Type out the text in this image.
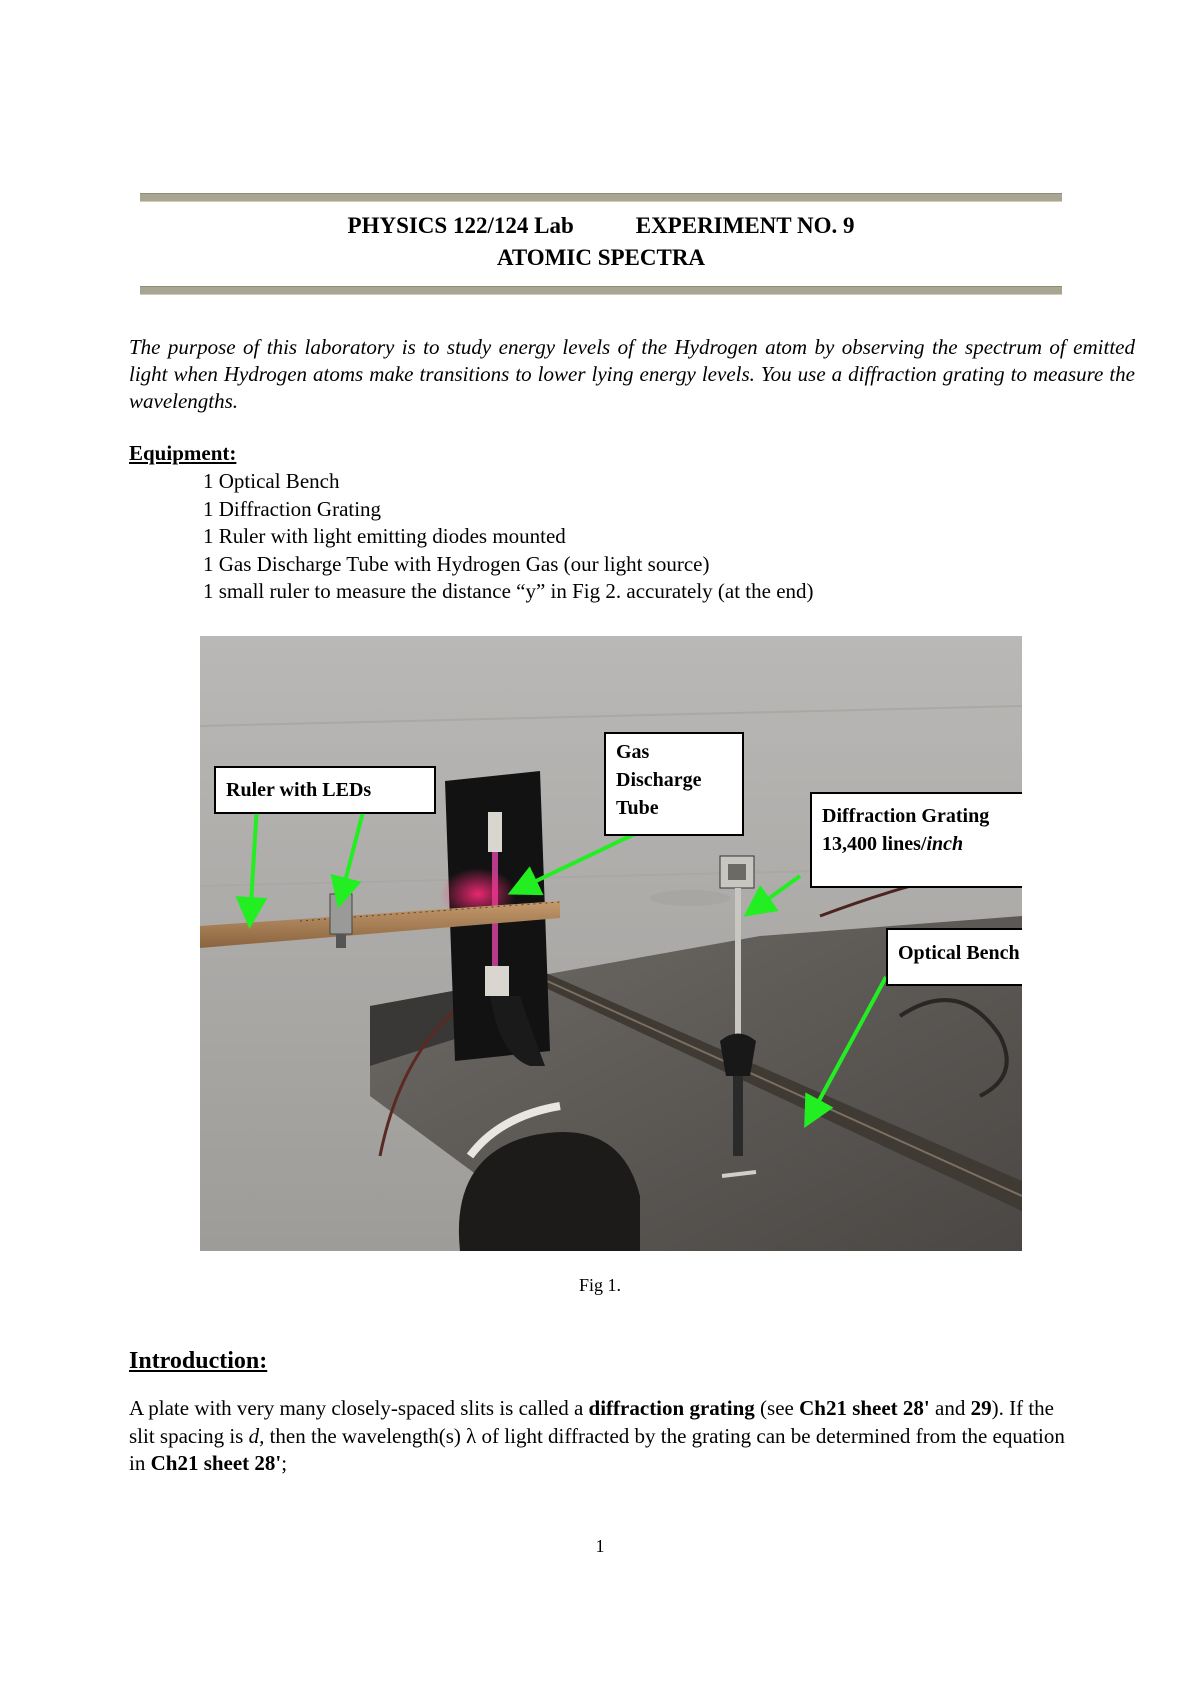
PHYSICS 122/124 Lab	EXPERIMENT NO. 9
ATOMIC SPECTRA
The purpose of this laboratory is to study energy levels of the Hydrogen atom by observing the spectrum of emitted light when Hydrogen atoms make transitions to lower lying energy levels. You use a diffraction grating to measure the wavelengths.
Equipment:
1 Optical Bench
1 Diffraction Grating
1 Ruler with light emitting diodes mounted
1 Gas Discharge Tube with Hydrogen Gas (our light source)
1 small ruler to measure the distance “y” in Fig 2. accurately (at the end)
Ruler with LEDs
Gas
Discharge
Tube	Diffraction Grating
13,400 lines/inch
Optical Bench
Fig 1.
Introduction:
A plate with very many closely-spaced slits is called a diffraction grating (see Ch21 sheet 28' and 29). If the slit spacing is d, then the wavelength(s) λ of light diffracted by the grating can be determined from the equation in Ch21 sheet 28';
1
